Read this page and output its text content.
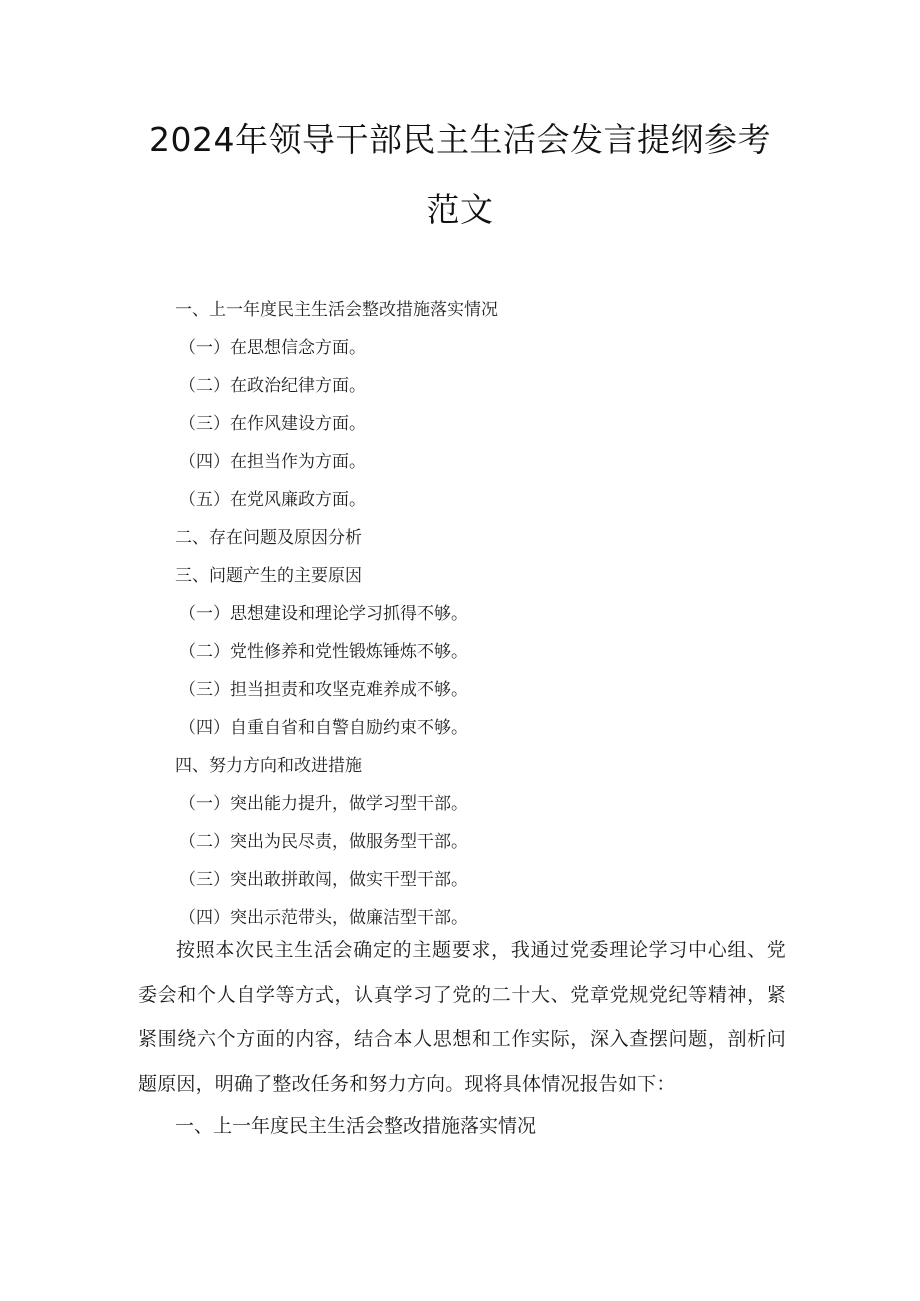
2024年领导干部民主生活会发言提纲参考
范文
一、上一年度民主生活会整改措施落实情况
（一）在思想信念方面。
（二）在政治纪律方面。
（三）在作风建设方面。
（四）在担当作为方面。
（五）在党风廉政方面。
二、存在问题及原因分析
三、问题产生的主要原因
（一）思想建设和理论学习抓得不够。
（二）党性修养和党性锻炼锤炼不够。
（三）担当担责和攻坚克难养成不够。
（四）自重自省和自警自励约束不够。
四、努力方向和改进措施
（一）突出能力提升，做学习型干部。
（二）突出为民尽责，做服务型干部。
（三）突出敢拼敢闯，做实干型干部。
（四）突出示范带头，做廉洁型干部。
按照本次民主生活会确定的主题要求，我通过党委理论学习中心组、党委会和个人自学等方式，认真学习了党的二十大、党章党规党纪等精神，紧紧围绕六个方面的内容，结合本人思想和工作实际，深入查摆问题，剖析问题原因，明确了整改任务和努力方向。现将具体情况报告如下：
一、上一年度民主生活会整改措施落实情况
